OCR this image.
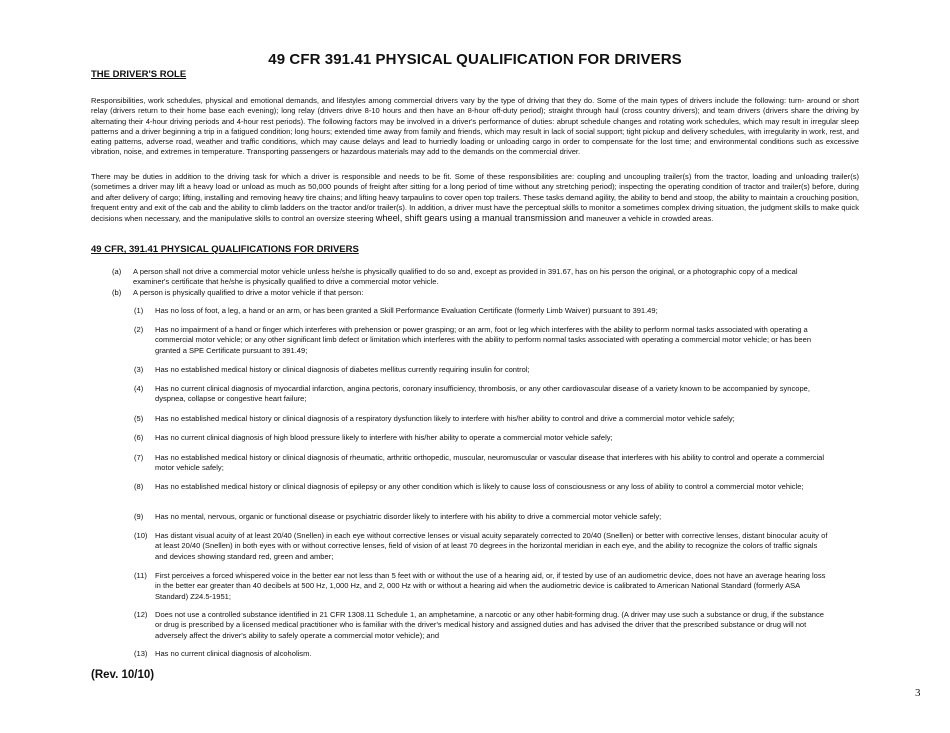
49 CFR 391.41 PHYSICAL QUALIFICATION FOR DRIVERS
THE DRIVER'S ROLE

Responsibilities, work schedules, physical and emotional demands, and lifestyles among commercial drivers vary by the type of driving that they do. Some of the main types of drivers include the following: turn- around or short relay (drivers return to their home base each evening); long relay (drivers drive 8-10 hours and then have an 8-hour off-duty period); straight through haul (cross country drivers); and team drivers (drivers share the driving by alternating their 4-hour driving periods and 4-hour rest periods). The following factors may be involved in a driver's performance of duties: abrupt schedule changes and rotating work schedules, which may result in irregular sleep patterns and a driver beginning a trip in a fatigued condition; long hours; extended time away from family and friends, which may result in lack of social support; tight pickup and delivery schedules, with irregularity in work, rest, and eating patterns, adverse road, weather and traffic conditions, which may cause delays and lead to hurriedly loading or unloading cargo in order to compensate for the lost time; and environmental conditions such as excessive vibration, noise, and extremes in temperature. Transporting passengers or hazardous materials may add to the demands on the commercial driver.

There may be duties in addition to the driving task for which a driver is responsible and needs to be fit. Some of these responsibilities are: coupling and uncoupling trailer(s) from the tractor, loading and unloading trailer(s) (sometimes a driver may lift a heavy load or unload as much as 50,000 pounds of freight after sitting for a long period of time without any stretching period); inspecting the operating condition of tractor and trailer(s) before, during and after delivery of cargo; lifting, installing and removing heavy tire chains; and lifting heavy tarpaulins to cover open top trailers. These tasks demand agility, the ability to bend and stoop, the ability to maintain a crouching position, frequent entry and exit of the cab and the ability to climb ladders on the tractor and/or trailer(s). In addition, a driver must have the perceptual skills to monitor a sometimes complex driving situation, the judgment skills to make quick decisions when necessary, and the manipulative skills to control an oversize steering wheel, shift gears using a manual transmission and maneuver a vehicle in crowded areas.

49 CFR, 391.41 PHYSICAL QUALIFICATIONS FOR DRIVERS
(a)	A person shall not drive a commercial motor vehicle unless he/she is physically qualified to do so and, except as provided in 391.67, has on his person the original, or a photographic copy of a medical examiner's certificate that he/she is physically qualified to drive a commercial motor vehicle.
(b)	A person is physically qualified to drive a motor vehicle if that person:
(1)	Has no loss of foot, a leg, a hand or an arm, or has been granted a Skill Performance Evaluation Certificate (formerly Limb Waiver) pursuant to 391.49;
(2)	Has no impairment of a hand or finger which interferes with prehension or power grasping; or an arm, foot or leg which interferes with the ability to perform normal tasks associated with operating a commercial motor vehicle; or any other significant limb defect or limitation which interferes with the ability to perform normal tasks associated with operating a commercial motor vehicle; or has been granted a SPE Certificate pursuant to 391.49;
(3)	Has no established medical history or clinical diagnosis of diabetes mellitus currently requiring insulin for control;
(4)	Has no current clinical diagnosis of myocardial infarction, angina pectoris, coronary insufficiency, thrombosis, or any other cardiovascular disease of a variety known to be accompanied by syncope, dyspnea, collapse or congestive heart failure;
(5)	Has no established medical history or clinical diagnosis of a respiratory dysfunction likely to interfere with his/her ability to control and drive a commercial motor vehicle safely;
(6)	Has no current clinical diagnosis of high blood pressure likely to interfere with his/her ability to operate a commercial motor vehicle safely;
(7)	Has no established medical history or clinical diagnosis of rheumatic, arthritic orthopedic, muscular, neuromuscular or vascular disease that interferes with his ability to control and operate a commercial motor vehicle safely;
(8)	Has no established medical history or clinical diagnosis of epilepsy or any other condition which is likely to cause loss of consciousness or any loss of ability to control a commercial motor vehicle;
(9)	Has no mental, nervous, organic or functional disease or psychiatric disorder likely to interfere with his ability to drive a commercial motor vehicle safely;
(10)	Has distant visual acuity of at least 20/40 (Snellen) in each eye without corrective lenses or visual acuity separately corrected to 20/40 (Snellen) or better with corrective lenses, distant binocular acuity of at least 20/40 (Snellen) in both eyes with or without corrective lenses, field of vision of at least 70 degrees in the horizontal meridian in each eye, and the ability to recognize the colors of traffic signals and devices showing standard red, green and amber;
(11)	First perceives a forced whispered voice in the better ear not less than 5 feet with or without the use of a hearing aid, or, if tested by use of an audiometric device, does not have an average hearing loss in the better ear greater than 40 decibels at 500 Hz, 1,000 Hz, and 2, 000 Hz with or without a hearing aid when the audiometric device is calibrated to American National Standard (formerly ASA Standard) Z24.5-1951;
(12)	Does not use a controlled substance identified in 21 CFR 1308.11 Schedule 1, an amphetamine, a narcotic or any other habit-forming drug. (A driver may use such a substance or drug, if the substance or drug is prescribed by a licensed medical practitioner who is familiar with the driver's medical history and assigned duties and has advised the driver that the prescribed substance or drug will not adversely affect the driver's ability to safely operate a commercial motor vehicle); and
(13)	Has no current clinical diagnosis of alcoholism.

(Rev. 10/10)

3
